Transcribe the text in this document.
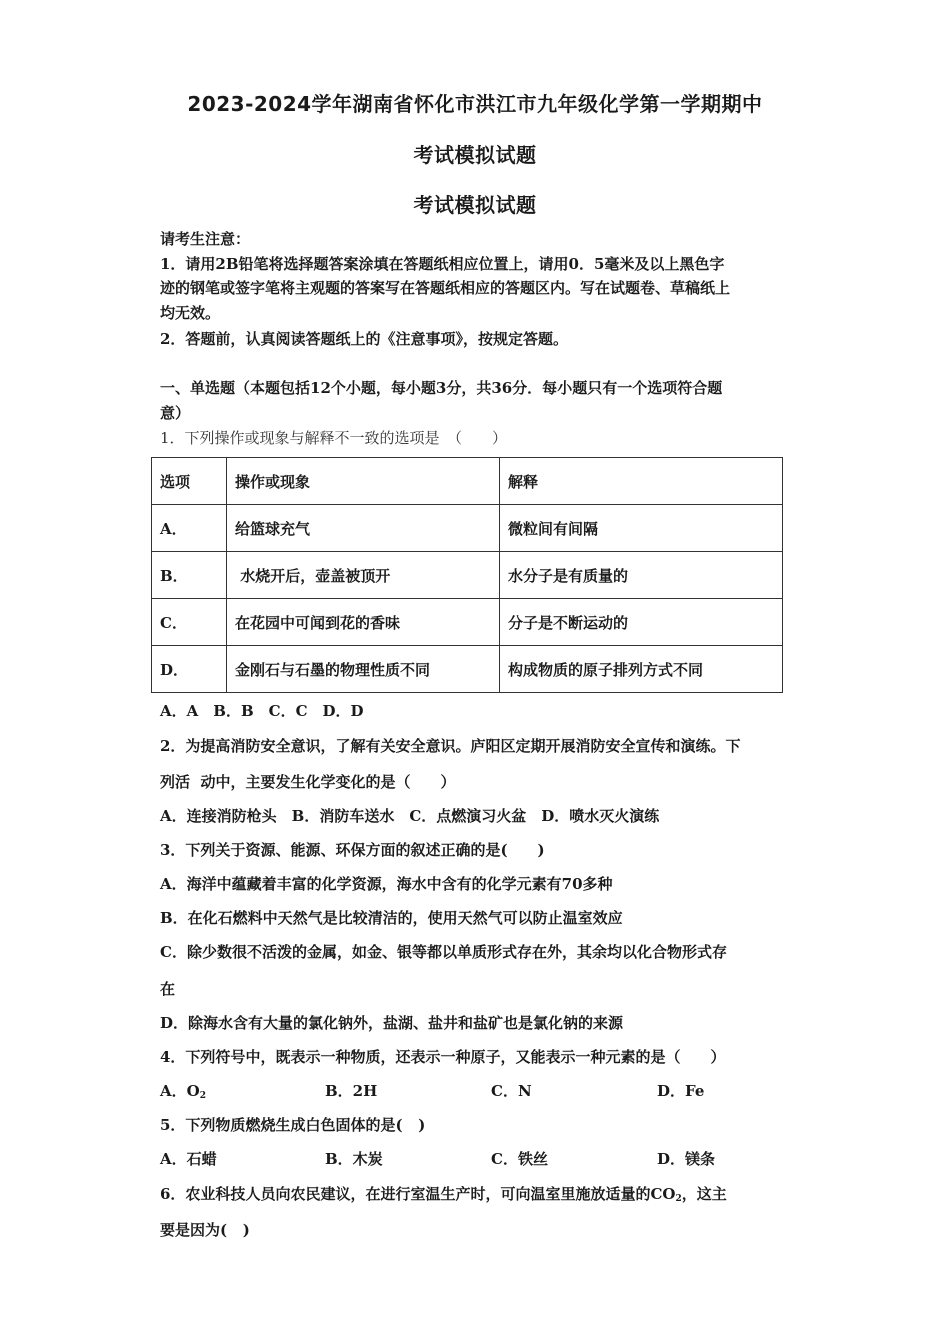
2023-2024学年湖南省怀化市洪江市九年级化学第一学期期中
考试模拟试题
考试模拟试题
请考生注意：
1．请用2B铅笔将选择题答案涂填在答题纸相应位置上，请用0．5毫米及以上黑色字
迹的钢笔或签字笔将主观题的答案写在答题纸相应的答题区内。写在试题卷、草稿纸上
均无效。
2．答题前，认真阅读答题纸上的《注意事项》，按规定答题。
一、单选题（本题包括12个小题，每小题3分，共36分．每小题只有一个选项符合题
意）
1．下列操作或现象与解释不一致的选项是　（　　）
选项	操作或现象	解释
A．	给篮球充气	微粒间有间隔
B．	水烧开后，壶盖被顶开	水分子是有质量的
C．	在花园中可闻到花的香味	分子是不断运动的
D．	金刚石与石墨的物理性质不同	构成物质的原子排列方式不同
A．A　B．B　C．C　D．D
2．为提高消防安全意识，了解有关安全意识。庐阳区定期开展消防安全宣传和演练。下
列活  动中，主要发生化学变化的是（　　）
A．连接消防枪头　B．消防车送水　C．点燃演习火盆　D．喷水灭火演练
3．下列关于资源、能源、环保方面的叙述正确的是(　　)
A．海洋中蕴藏着丰富的化学资源，海水中含有的化学元素有70多种
B．在化石燃料中天然气是比较清洁的，使用天然气可以防止温室效应
C．除少数很不活泼的金属，如金、银等都以单质形式存在外，其余均以化合物形式存
在
D．除海水含有大量的氯化钠外，盐湖、盐井和盐矿也是氯化钠的来源
4．下列符号中，既表示一种物质，还表示一种原子，又能表示一种元素的是（　　）
A．$O_2$	B．2H	C．N	D．Fe
5．下列物质燃烧生成白色固体的是(   )
A．石蜡	B．木炭	C．铁丝	D．镁条
6．农业科技人员向农民建议，在进行室温生产时，可向温室里施放适量的$CO_2$，这主
要是因为(   )
